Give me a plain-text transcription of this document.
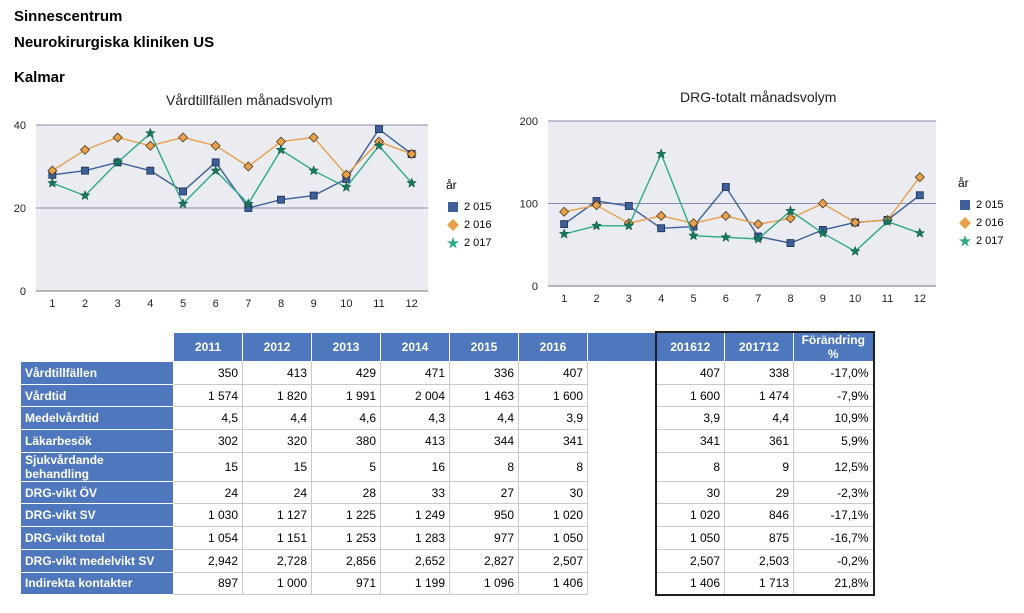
Sinnescentrum
Neurokirurgiska kliniken US
Kalmar
Vårdtillfällen månadsvolym
0
20
40
1 2 3 4 5 6 7 8 9 10 11 12
år
2 015
2 016
2 017
DRG-totalt månadsvolym
0
100
200
1 2 3 4 5 6 7 8 9 10 11 12
år
2 015
2 016
2 017
	2011	2012	2013	2014	2015	2016		201612	201712	Förändring %
Vårdtillfällen	350	413	429	471	336	407		407	338	-17,0%
Vårdtid	1 574	1 820	1 991	2 004	1 463	1 600		1 600	1 474	-7,9%
Medelvårdtid	4,5	4,4	4,6	4,3	4,4	3,9		3,9	4,4	10,9%
Läkarbesök	302	320	380	413	344	341		341	361	5,9%
Sjukvårdande behandling	15	15	5	16	8	8		8	9	12,5%
DRG-vikt ÖV	24	24	28	33	27	30		30	29	-2,3%
DRG-vikt SV	1 030	1 127	1 225	1 249	950	1 020		1 020	846	-17,1%
DRG-vikt total	1 054	1 151	1 253	1 283	977	1 050		1 050	875	-16,7%
DRG-vikt medelvikt SV	2,942	2,728	2,856	2,652	2,827	2,507		2,507	2,503	-0,2%
Indirekta kontakter	897	1 000	971	1 199	1 096	1 406		1 406	1 713	21,8%
